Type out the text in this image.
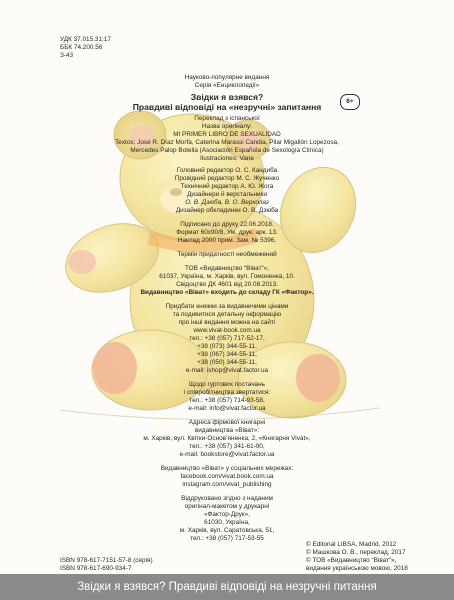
УДК 37.015.31:17
ББК 74.200.56
З-43
Науково-популярне видання
Серія «Енциклопедії»
Звідки я взявся?
Правдиві відповіді на «незручні» запитання
6+
Переклад з іспанської
Назва оригіналу:
MI PRIMER LIBRO DE SEXUALIDAD
Textos: José R. Díaz Morfa, Caterina Marassi Candia, Pilar Migallón Lopezosa,
Mercedes Palop Botella (Asociación Española de Sexología Clínica)
Ilustraciones: Vane
Головний редактор О. С. Кандиба
Провідний редактор М. С. Жученко
Технічний редактор А. Ю. Жога
Дизайнери й верстальники
О. В. Дзюба, В. О. Верхолаз
Дизайнер обкладинки О. В. Дзюба
Підписано до друку 22.06.2018.
Формат 60х90/8. Ум. друк. арк. 13.
Наклад 2000 прим. Зам. № 5396.
Термін придатності необмежений
ТОВ «Видавництво “Віват”»,
61037, Україна, м. Харків, вул. Гомоненка, 10.
Свідоцтво ДК 4601 від 20.08.2013.
Видавництво «Віват» входить до складу ГК «Фактор».
Придбати книжки за видавничими цінами
та подивитися детальну інформацію
про інші видання можна на сайті
www.vivat-book.com.ua
тел.: +38 (057) 717-52-17,
+38 (073) 344-55-11,
+38 (067) 344-55-11,
+38 (050) 344-55-11,
e-mail: ishop@vivat.factor.ua
Щодо гуртових постачань
і співробітництва звертатися:
тел.: +38 (057) 714-93-58,
e-mail: info@vivat.factor.ua
Адреса фірмової книгарні
видавництва «Віват»:
м. Харків, вул. Квітки-Основ’яненка, 2, «Книгарня Vivat»,
тел.: +38 (057) 341-61-90,
e-mail: bookstore@vivat.factor.ua
Видавництво «Віват» у соціальних мережах:
facebook.com/vivat.book.com.ua
instagram.com/vivat_publishing
Віддруковано згідно з наданим
оригінал-макетом у друкарні
«Фактор-Друк»,
61030, Україна,
м. Харків, вул. Саратовська, 51,
тел.: +38 (057) 717-53-55
© Editorial LIBSA, Madrid, 2012
© Машкова О. В., переклад, 2017
© ТОВ «Видавництво “Віват”»,
видання українською мовою, 2018
ISBN 978-617-7151-57-8 (серія)
ISBN 978-617-690-934-7
Звідки я взявся? Правдиві відповіді на незручні питання
